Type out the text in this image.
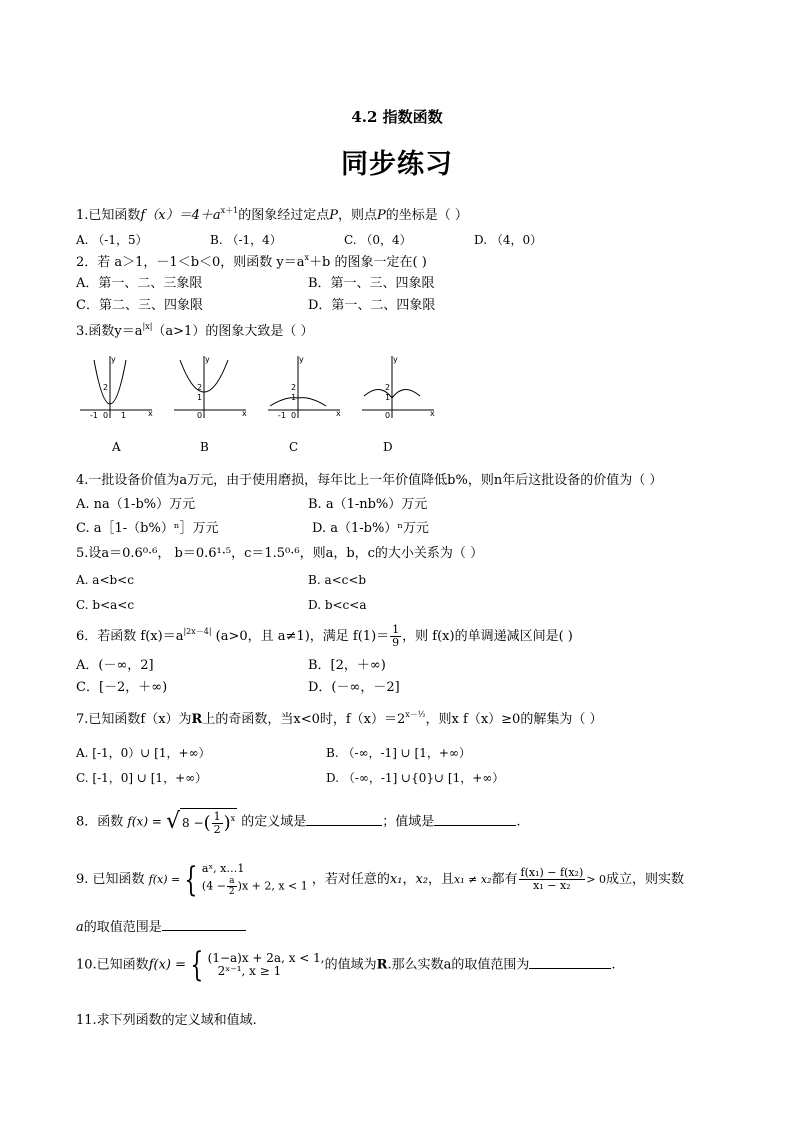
4.2 指数函数
同步练习
1.已知函数$f(x)=4+a^{x+1}$的图象经过定点P，则点P的坐标是（ ）
A. （-1，5）	B. （-1，4）	C. （0，4）	D. （4，0）
2．若 a＞1，－1＜b＜0，则函数 $y=a^x+b$ 的图象一定在( )
A．第一、二、三象限	B．第一、三、四象限
C．第二、三、四象限	D．第一、二、四象限
3.函数$y=a^{|x|}(a>1)$的图象大致是（ ）
y
x
2
-1 0 1
y
x
2
1
0
y
x
2
1
-1 0
y
x
2
1
0
A	B	C	D
4.一批设备价值为a万元，由于使用磨损，每年比上一年价值降低b%，则n年后这批设备的价值为（ ）
A. na（1-b%）万元	B. a（1-nb%）万元
C. a［1-（b%）ⁿ］万元	D. a（1-b%）ⁿ万元
5.设a＝0.6⁰·⁶， b＝0.6¹·⁵，c＝1.5⁰·⁶，则a，b，c的大小关系为（ ）
A. a<b<c	B. a<c<b
C. b<a<c	D. b<c<a
6．若函数 $f(x)=a^{|2x-4|}$ (a>0，且 a≠1)，满足 $f(1)= \frac{1}{9}$ ，则 f(x)的单调递减区间是( )
A．(－∞，2]	B．[2，＋∞)
C．[－2，＋∞)	D．(－∞，－2]
7.已知函数f（x）为R上的奇函数，当x<0时，$f(x)=2^{x-\frac{1}{2}}$，则x f（x）≥0的解集为（ ）
A. [-1，0）∪ [1，+∞）	B. （-∞，-1] ∪ [1，+∞）
C. [-1，0] ∪ [1，+∞）	D. （-∞，-1] ∪{0}∪ [1，+∞）
8．函数 f(x) = √ 8 −( $\frac{1}{2} )^x$ 的定义域是	；值域是	.
9. 已知函数 f(x) = { aˣ, x…1
$(4 - \frac{a}{2} )x + 2$, x < 1 ，若对任意的x₁，x₂，且x₁ ≠ x₂都有 $\frac{\text{f(x₁) − f(x₂)}}{\text{x₁ − x₂}} > 0$成立，则实数
a的取值范围是
10.已知函数f(x) = { (1−a)x + 2a, x < 1,
2ˣ⁻¹, x ≥ 1	的值域为R.那么实数a的取值范围为	.
11.求下列函数的定义域和值域.
